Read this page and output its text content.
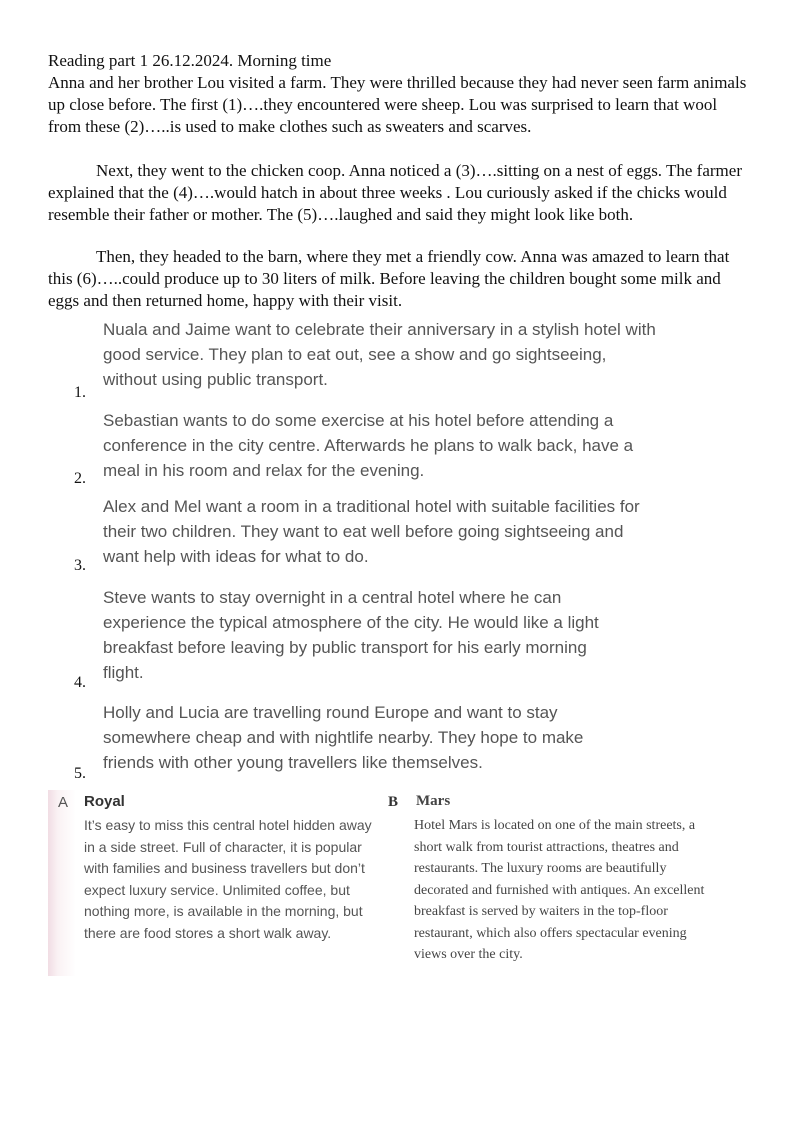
Reading part 1 26.12.2024. Morning time

Anna and her brother Lou visited a farm. They were thrilled because they had never seen farm animals up close before. The first (1)….they encountered were sheep. Lou was surprised to learn that wool from these (2)…..is used to make clothes such as sweaters and scarves.

Next, they went to the chicken coop. Anna noticed a (3)….sitting on a nest of eggs. The farmer explained that the (4)….would hatch in about three weeks . Lou curiously asked if the chicks would resemble their father or mother. The (5)….laughed and said they might look like both.

Then, they headed to the barn, where they met a friendly cow. Anna was amazed to learn that this (6)…..could produce up to 30 liters of milk. Before leaving the children bought some milk and eggs and then returned home, happy with their visit.

Nuala and Jaime want to celebrate their anniversary in a stylish hotel with good service. They plan to eat out, see a show and go sightseeing, without using public transport.

1.

Sebastian wants to do some exercise at his hotel before attending a conference in the city centre. Afterwards he plans to walk back, have a meal in his room and relax for the evening.

2.

Alex and Mel want a room in a traditional hotel with suitable facilities for their two children. They want to eat well before going sightseeing and want help with ideas for what to do.

3.

Steve wants to stay overnight in a central hotel where he can experience the typical atmosphere of the city. He would like a light breakfast before leaving by public transport for his early morning flight.

4.

Holly and Lucia are travelling round Europe and want to stay somewhere cheap and with nightlife nearby. They hope to make friends with other young travellers like themselves.

5.
A Royal

It’s easy to miss this central hotel hidden away in a side street. Full of character, it is popular with families and business travellers but don’t expect luxury service. Unlimited coffee, but nothing more, is available in the morning, but there are food stores a short walk away.

B Mars

Hotel Mars is located on one of the main streets, a short walk from tourist attractions, theatres and restaurants. The luxury rooms are beautifully decorated and furnished with antiques. An excellent breakfast is served by waiters in the top-floor restaurant, which also offers spectacular evening views over the city.
